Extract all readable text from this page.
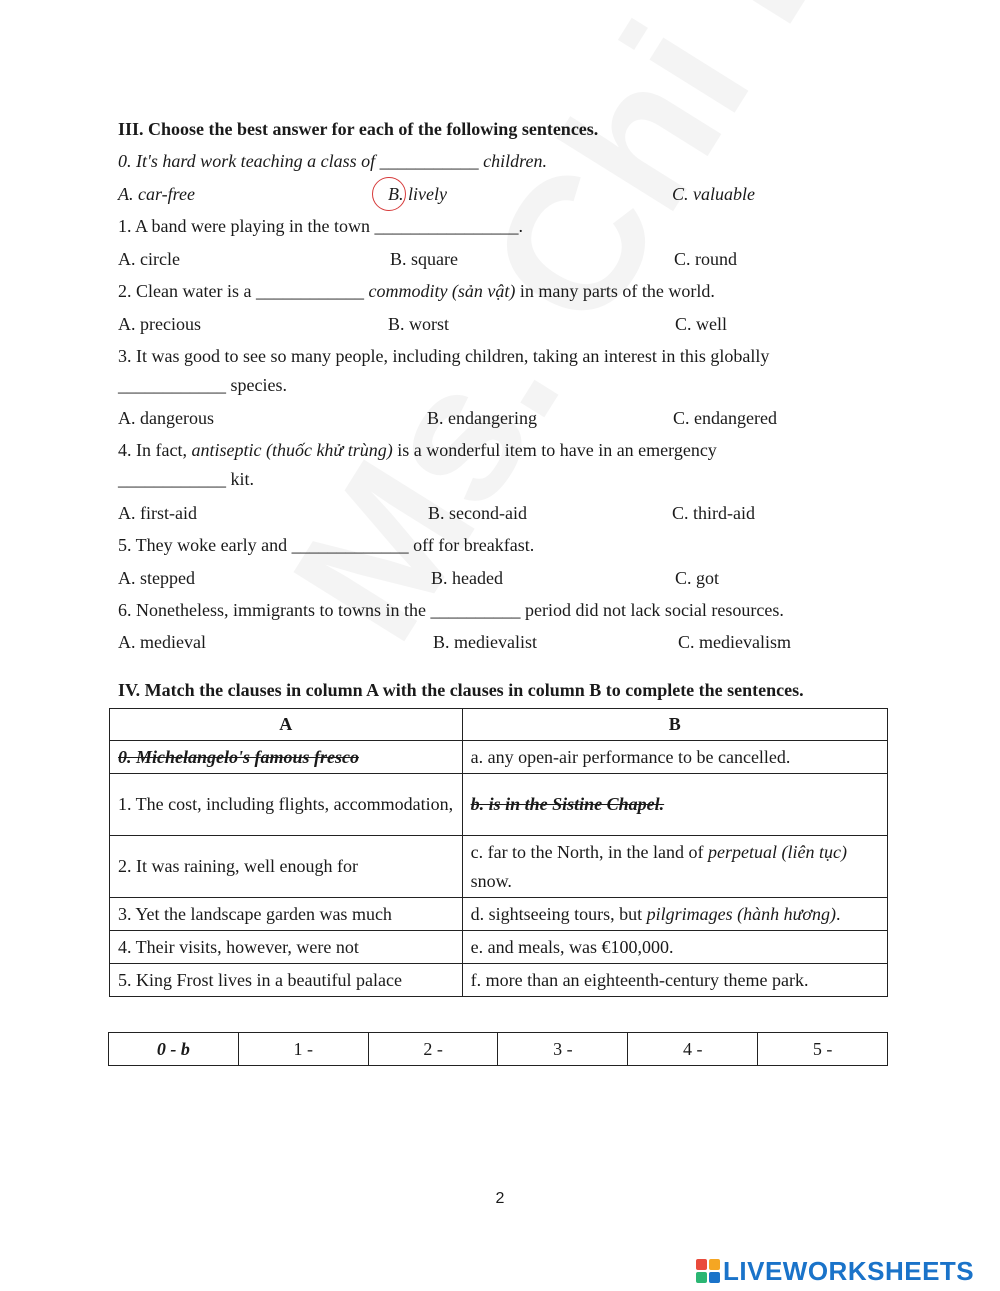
III. Choose the best answer for each of the following sentences.
0. It's hard work teaching a class of ___________ children.
A. car-free	B. lively	C. valuable
1. A band were playing in the town ________________.
A. circle	B. square	C. round
2. Clean water is a ____________ commodity (sản vật) in many parts of the world.
A. precious	B. worst	C. well
3. It was good to see so many people, including children, taking an interest in this globally
____________ species.
A. dangerous	B. endangering	C. endangered
4. In fact, antiseptic (thuốc khử trùng) is a wonderful item to have in an emergency
____________ kit.
A. first-aid	B. second-aid	C. third-aid
5. They woke early and _____________ off for breakfast.
A. stepped	B. headed	C. got
6. Nonetheless, immigrants to towns in the __________ period did not lack social resources.
A. medieval	B. medievalist	C. medievalism
IV. Match the clauses in column A with the clauses in column B to complete the sentences.
A	B
0. Michelangelo's famous fresco	a. any open-air performance to be cancelled.
1. The cost, including flights, accommodation,	b. is in the Sistine Chapel.
2. It was raining, well enough for	c. far to the North, in the land of perpetual (liên tục) snow.
3. Yet the landscape garden was much	d. sightseeing tours, but pilgrimages (hành hương).
4. Their visits, however, were not	e. and meals, was €100,000.
5. King Frost lives in a beautiful palace	f. more than an eighteenth-century theme park.
0 - b	1 -	2 -	3 -	4 -	5 -
2
LIVEWORKSHEETS
